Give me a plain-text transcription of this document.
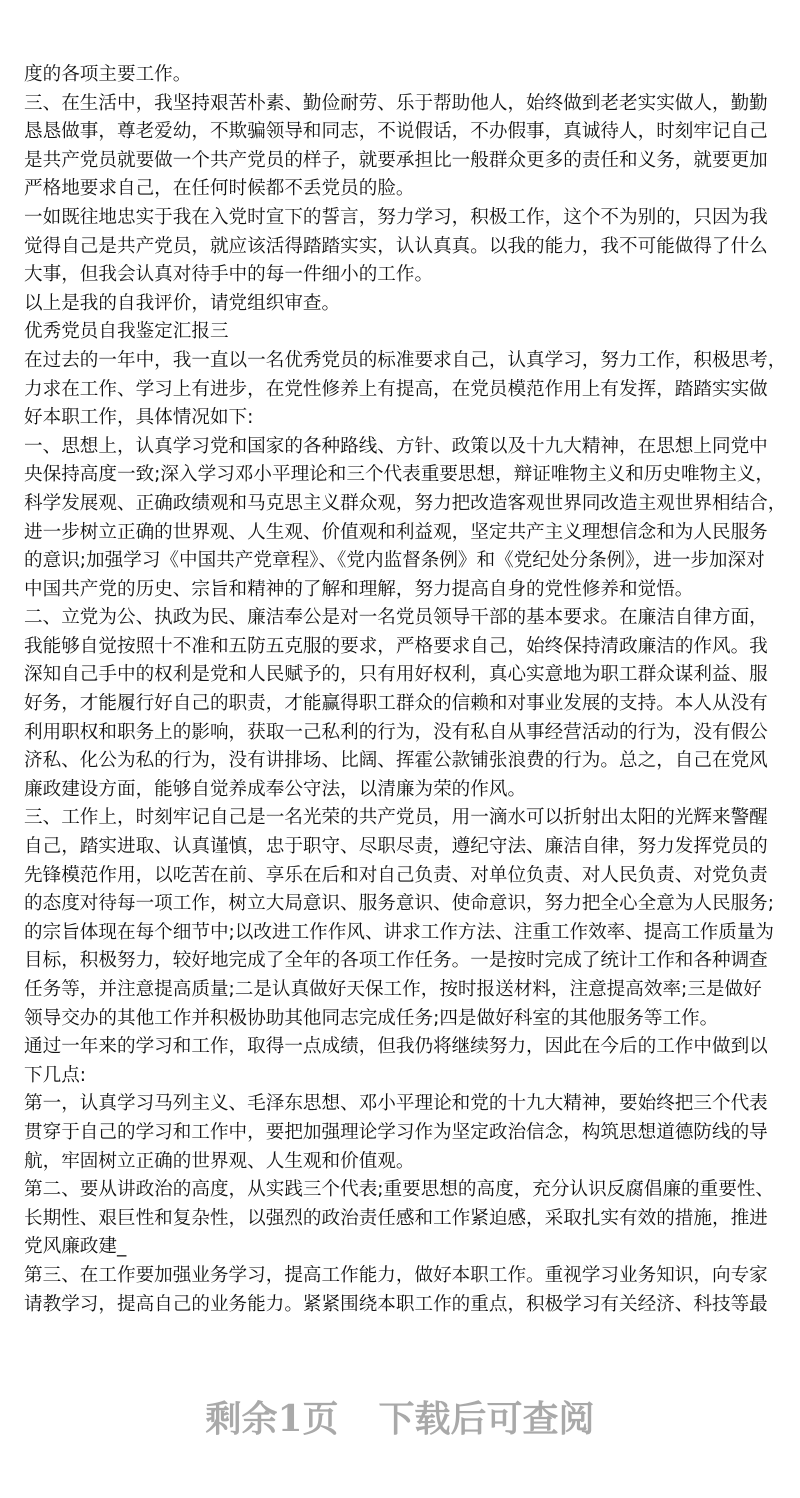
度的各项主要工作。
三、在生活中，我坚持艰苦朴素、勤俭耐劳、乐于帮助他人，始终做到老老实实做人，勤勤
恳恳做事，尊老爱幼，不欺骗领导和同志，不说假话，不办假事，真诚待人，时刻牢记自己
是共产党员就要做一个共产党员的样子，就要承担比一般群众更多的责任和义务，就要更加
严格地要求自己，在任何时候都不丢党员的脸。
一如既往地忠实于我在入党时宣下的誓言，努力学习，积极工作，这个不为别的，只因为我
觉得自己是共产党员，就应该活得踏踏实实，认认真真。以我的能力，我不可能做得了什么
大事，但我会认真对待手中的每一件细小的工作。
以上是我的自我评价，请党组织审查。
优秀党员自我鉴定汇报三
在过去的一年中，我一直以一名优秀党员的标准要求自己，认真学习，努力工作，积极思考，
力求在工作、学习上有进步，在党性修养上有提高，在党员模范作用上有发挥，踏踏实实做
好本职工作，具体情况如下:
一、思想上，认真学习党和国家的各种路线、方针、政策以及十九大精神，在思想上同党中
央保持高度一致;深入学习邓小平理论和三个代表重要思想，辩证唯物主义和历史唯物主义，
科学发展观、正确政绩观和马克思主义群众观，努力把改造客观世界同改造主观世界相结合，
进一步树立正确的世界观、人生观、价值观和利益观，坚定共产主义理想信念和为人民服务
的意识;加强学习《中国共产党章程》、《党内监督条例》和《党纪处分条例》，进一步加深对
中国共产党的历史、宗旨和精神的了解和理解，努力提高自身的党性修养和觉悟。
二、立党为公、执政为民、廉洁奉公是对一名党员领导干部的基本要求。在廉洁自律方面，
我能够自觉按照十不准和五防五克服的要求，严格要求自己，始终保持清政廉洁的作风。我
深知自己手中的权利是党和人民赋予的，只有用好权利，真心实意地为职工群众谋利益、服
好务，才能履行好自己的职责，才能赢得职工群众的信赖和对事业发展的支持。本人从没有
利用职权和职务上的影响，获取一己私利的行为，没有私自从事经营活动的行为，没有假公
济私、化公为私的行为，没有讲排场、比阔、挥霍公款铺张浪费的行为。总之，自己在党风
廉政建设方面，能够自觉养成奉公守法，以清廉为荣的作风。
三、工作上，时刻牢记自己是一名光荣的共产党员，用一滴水可以折射出太阳的光辉来警醒
自己，踏实进取、认真谨慎，忠于职守、尽职尽责，遵纪守法、廉洁自律，努力发挥党员的
先锋模范作用，以吃苦在前、享乐在后和对自己负责、对单位负责、对人民负责、对党负责
的态度对待每一项工作，树立大局意识、服务意识、使命意识，努力把全心全意为人民服务;
的宗旨体现在每个细节中;以改进工作作风、讲求工作方法、注重工作效率、提高工作质量为
目标，积极努力，较好地完成了全年的各项工作任务。一是按时完成了统计工作和各种调查
任务等，并注意提高质量;二是认真做好天保工作，按时报送材料，注意提高效率;三是做好
领导交办的其他工作并积极协助其他同志完成任务;四是做好科室的其他服务等工作。
通过一年来的学习和工作，取得一点成绩，但我仍将继续努力，因此在今后的工作中做到以
下几点:
第一，认真学习马列主义、毛泽东思想、邓小平理论和党的十九大精神，要始终把三个代表
贯穿于自己的学习和工作中，要把加强理论学习作为坚定政治信念，构筑思想道德防线的导
航，牢固树立正确的世界观、人生观和价值观。
第二、要从讲政治的高度，从实践三个代表;重要思想的高度，充分认识反腐倡廉的重要性、
长期性、艰巨性和复杂性，以强烈的政治责任感和工作紧迫感，采取扎实有效的措施，推进
党风廉政建_
第三、在工作要加强业务学习，提高工作能力，做好本职工作。重视学习业务知识，向专家
请教学习，提高自己的业务能力。紧紧围绕本职工作的重点，积极学习有关经济、科技等最
剩余1页 下载后可查阅
